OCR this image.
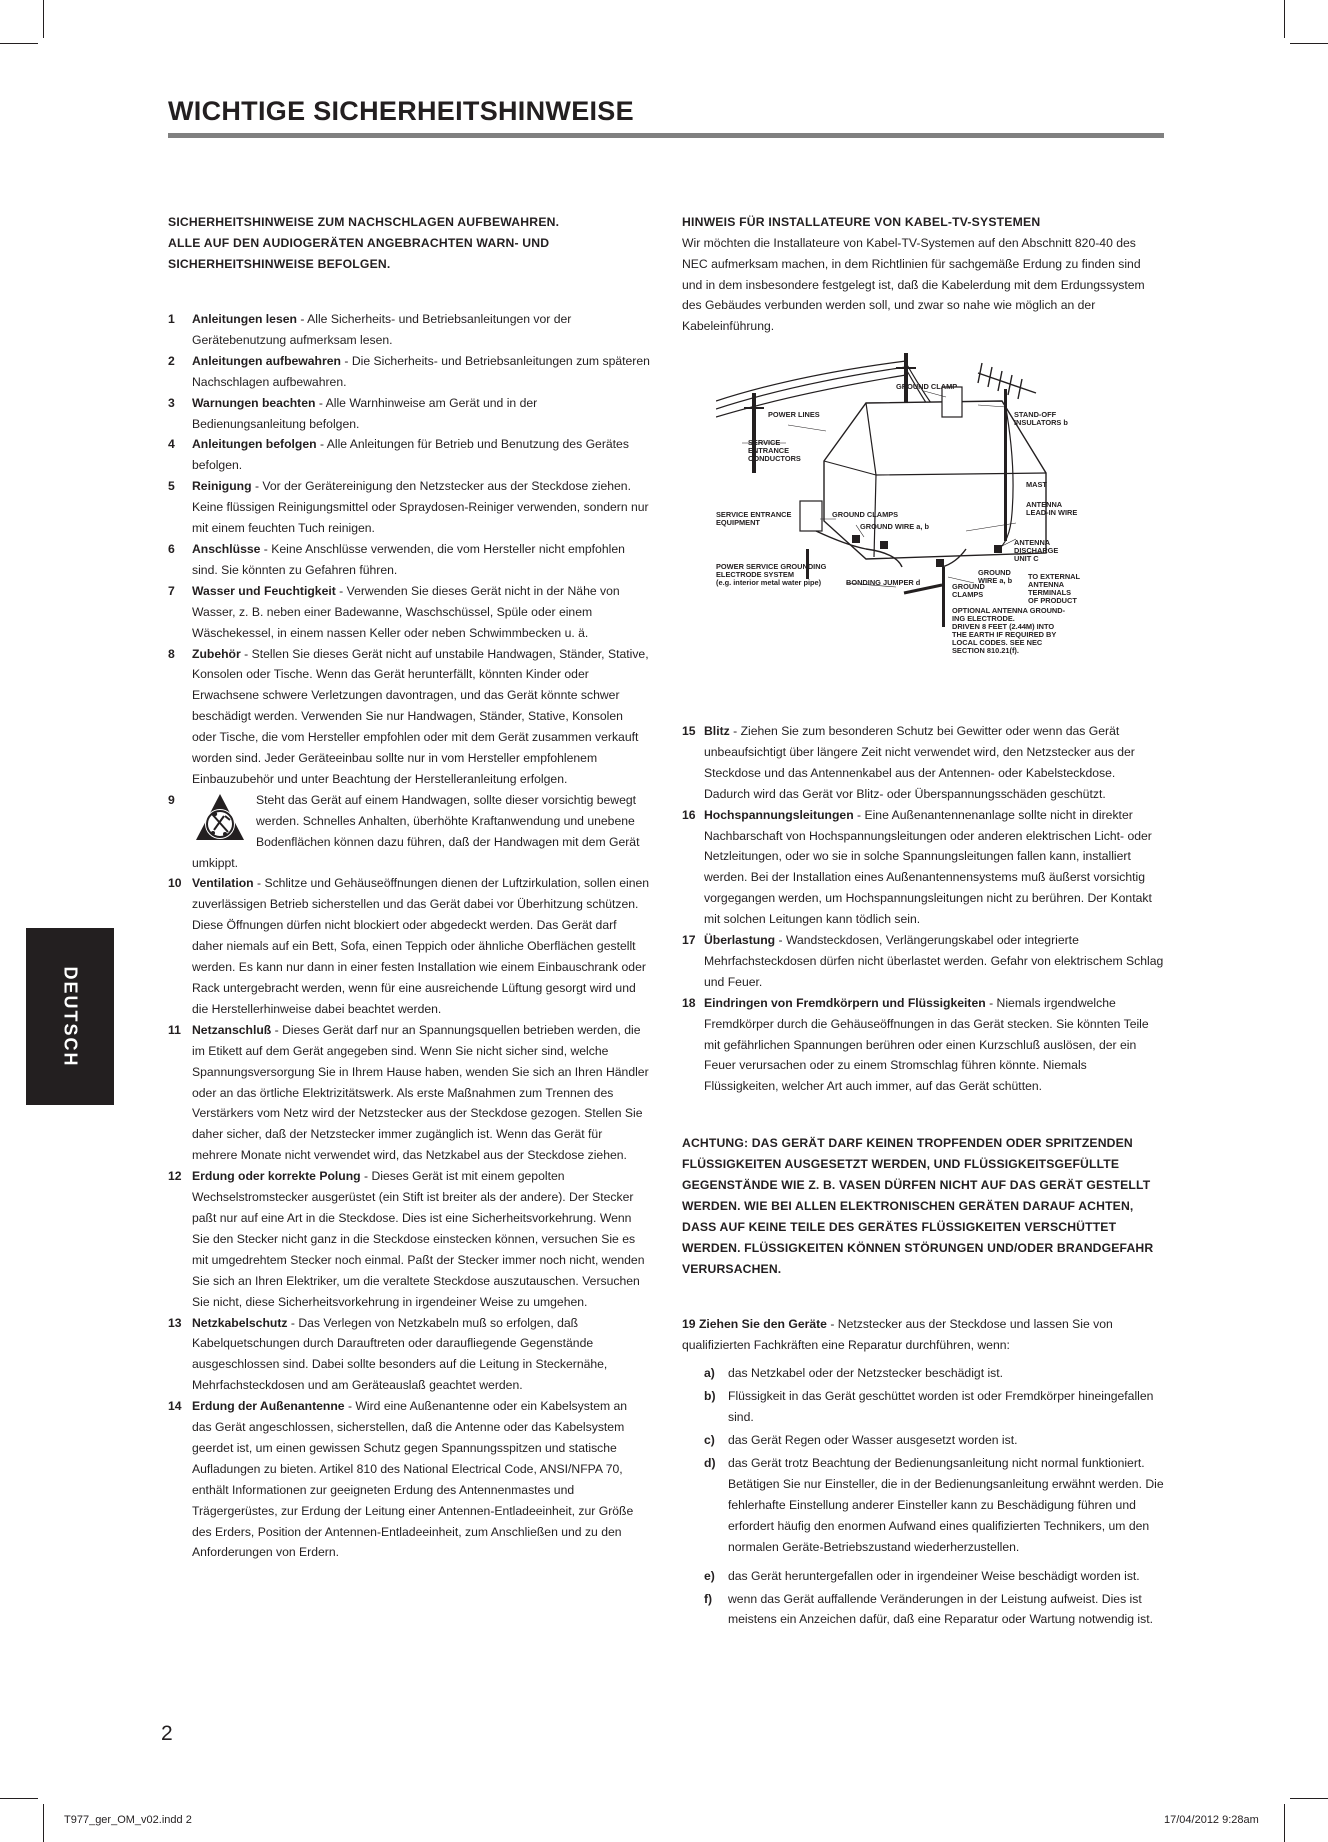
WICHTIGE SICHERHEITSHINWEISE
SICHERHEITSHINWEISE ZUM NACHSCHLAGEN AUFBEWAHREN.
ALLE AUF DEN AUDIOGERÄTEN ANGEBRACHTEN WARN- UND
SICHERHEITSHINWEISE BEFOLGEN.
1 Anleitungen lesen - Alle Sicherheits- und Betriebsanleitungen vor der Gerätebenutzung aufmerksam lesen.
2 Anleitungen aufbewahren - Die Sicherheits- und Betriebsanleitungen zum späteren Nachschlagen aufbewahren.
3 Warnungen beachten - Alle Warnhinweise am Gerät und in der Bedienungsanleitung befolgen.
4 Anleitungen befolgen - Alle Anleitungen für Betrieb und Benutzung des Gerätes befolgen.
5 Reinigung - Vor der Gerätereinigung den Netzstecker aus der Steckdose ziehen. Keine flüssigen Reinigungsmittel oder Spraydosen-Reiniger verwenden, sondern nur mit einem feuchten Tuch reinigen.
6 Anschlüsse - Keine Anschlüsse verwenden, die vom Hersteller nicht empfohlen sind. Sie könnten zu Gefahren führen.
7 Wasser und Feuchtigkeit - Verwenden Sie dieses Gerät nicht in der Nähe von Wasser, z. B. neben einer Badewanne, Waschschüssel, Spüle oder einem Wäschekessel, in einem nassen Keller oder neben Schwimmbecken u. ä.
8 Zubehör - Stellen Sie dieses Gerät nicht auf unstabile Handwagen, Ständer, Stative, Konsolen oder Tische. Wenn das Gerät herunterfällt, könnten Kinder oder Erwachsene schwere Verletzungen davontragen, und das Gerät könnte schwer beschädigt werden. Verwenden Sie nur Handwagen, Ständer, Stative, Konsolen oder Tische, die vom Hersteller empfohlen oder mit dem Gerät zusammen verkauft worden sind. Jeder Geräteeinbau sollte nur in vom Hersteller empfohlenem Einbauzubehör und unter Beachtung der Herstelleranleitung erfolgen.
9	Steht das Gerät auf einem Handwagen, sollte dieser vorsichtig bewegt werden. Schnelles Anhalten, überhöhte Kraftanwendung und unebene Bodenflächen können dazu führen, daß der Handwagen mit dem Gerät umkippt.
10 Ventilation - Schlitze und Gehäuseöffnungen dienen der Luftzirkulation, sollen einen zuverlässigen Betrieb sicherstellen und das Gerät dabei vor Überhitzung schützen. Diese Öffnungen dürfen nicht blockiert oder abgedeckt werden. Das Gerät darf daher niemals auf ein Bett, Sofa, einen Teppich oder ähnliche Oberflächen gestellt werden. Es kann nur dann in einer festen Installation wie einem Einbauschrank oder Rack untergebracht werden, wenn für eine ausreichende Lüftung gesorgt wird und die Herstellerhinweise dabei beachtet werden.
11 Netzanschluß - Dieses Gerät darf nur an Spannungsquellen betrieben werden, die im Etikett auf dem Gerät angegeben sind. Wenn Sie nicht sicher sind, welche Spannungsversorgung Sie in Ihrem Hause haben, wenden Sie sich an Ihren Händler oder an das örtliche Elektrizitätswerk. Als erste Maßnahmen zum Trennen des Verstärkers vom Netz wird der Netzstecker aus der Steckdose gezogen. Stellen Sie daher sicher, daß der Netzstecker immer zugänglich ist. Wenn das Gerät für mehrere Monate nicht verwendet wird, das Netzkabel aus der Steckdose ziehen.
12 Erdung oder korrekte Polung - Dieses Gerät ist mit einem gepolten Wechselstromstecker ausgerüstet (ein Stift ist breiter als der andere). Der Stecker paßt nur auf eine Art in die Steckdose. Dies ist eine Sicherheitsvorkehrung. Wenn Sie den Stecker nicht ganz in die Steckdose einstecken können, versuchen Sie es mit umgedrehtem Stecker noch einmal. Paßt der Stecker immer noch nicht, wenden Sie sich an Ihren Elektriker, um die veraltete Steckdose auszutauschen. Versuchen Sie nicht, diese Sicherheitsvorkehrung in irgendeiner Weise zu umgehen.
13 Netzkabelschutz - Das Verlegen von Netzkabeln muß so erfolgen, daß Kabelquetschungen durch Darauftreten oder daraufliegende Gegenstände ausgeschlossen sind. Dabei sollte besonders auf die Leitung in Steckernähe, Mehrfachsteckdosen und am Geräteauslaß geachtet werden.
14 Erdung der Außenantenne - Wird eine Außenantenne oder ein Kabelsystem an das Gerät angeschlossen, sicherstellen, daß die Antenne oder das Kabelsystem geerdet ist, um einen gewissen Schutz gegen Spannungsspitzen und statische Aufladungen zu bieten. Artikel 810 des National Electrical Code, ANSI/NFPA 70, enthält Informationen zur geeigneten Erdung des Antennenmastes und Trägergerüstes, zur Erdung der Leitung einer Antennen-Entladeeinheit, zur Größe des Erders, Position der Antennen-Entladeeinheit, zum Anschließen und zu den Anforderungen von Erdern.
HINWEIS FÜR INSTALLATEURE VON KABEL-TV-SYSTEMEN
Wir möchten die Installateure von Kabel-TV-Systemen auf den Abschnitt 820-40 des NEC aufmerksam machen, in dem Richtlinien für sachgemäße Erdung zu finden sind und in dem insbesondere festgelegt ist, daß die Kabelerdung mit dem Erdungssystem des Gebäudes verbunden werden soll, und zwar so nahe wie möglich an der Kabeleinführung.
GROUND CLAMP
POWER LINES	STAND-OFF
INSULATORS b
SERVICE
ENTRANCE
CONDUCTORS
MAST
ANTENNA
LEAD-IN WIRE
SERVICE ENTRANCE
EQUIPMENT
GROUND CLAMPS
GROUND WIRE a, b
ANTENNA
DISCHARGE
UNIT C
POWER SERVICE GROUNDING
ELECTRODE SYSTEM
(e.g. interior metal water pipe)	BONDING JUMPER d
GROUND
WIRE a, b TO EXTERNAL
ANTENNA
TERMINALS
OF PRODUCT
GROUND
CLAMPS
OPTIONAL ANTENNA GROUND-
ING ELECTRODE.
DRIVEN 8 FEET (2.44M) INTO
THE EARTH IF REQUIRED BY
LOCAL CODES. SEE NEC
SECTION 810.21(f).
15 Blitz - Ziehen Sie zum besonderen Schutz bei Gewitter oder wenn das Gerät unbeaufsichtigt über längere Zeit nicht verwendet wird, den Netzstecker aus der Steckdose und das Antennenkabel aus der Antennen- oder Kabelsteckdose. Dadurch wird das Gerät vor Blitz- oder Überspannungsschäden geschützt.
16 Hochspannungsleitungen - Eine Außenantennenanlage sollte nicht in direkter Nachbarschaft von Hochspannungsleitungen oder anderen elektrischen Licht- oder Netzleitungen, oder wo sie in solche Spannungsleitungen fallen kann, installiert werden. Bei der Installation eines Außenantennensystems muß äußerst vorsichtig vorgegangen werden, um Hochspannungsleitungen nicht zu berühren. Der Kontakt mit solchen Leitungen kann tödlich sein.
17 Überlastung - Wandsteckdosen, Verlängerungskabel oder integrierte Mehrfachsteckdosen dürfen nicht überlastet werden. Gefahr von elektrischem Schlag und Feuer.
18 Eindringen von Fremdkörpern und Flüssigkeiten - Niemals irgendwelche Fremdkörper durch die Gehäuseöffnungen in das Gerät stecken. Sie könnten Teile mit gefährlichen Spannungen berühren oder einen Kurzschluß auslösen, der ein Feuer verursachen oder zu einem Stromschlag führen könnte. Niemals Flüssigkeiten, welcher Art auch immer, auf das Gerät schütten.
ACHTUNG: DAS GERÄT DARF KEINEN TROPFENDEN ODER SPRITZENDEN FLÜSSIGKEITEN AUSGESETZT WERDEN, UND FLÜSSIGKEITSGEFÜLLTE GEGENSTÄNDE WIE Z. B. VASEN DÜRFEN NICHT AUF DAS GERÄT GESTELLT WERDEN. WIE BEI ALLEN ELEKTRONISCHEN GERÄTEN DARAUF ACHTEN, DASS AUF KEINE TEILE DES GERÄTES FLÜSSIGKEITEN VERSCHÜTTET WERDEN. FLÜSSIGKEITEN KÖNNEN STÖRUNGEN UND/ODER BRANDGEFAHR VERURSACHEN.
19 Ziehen Sie den Geräte - Netzstecker aus der Steckdose und lassen Sie von qualifizierten Fachkräften eine Reparatur durchführen, wenn:
a) das Netzkabel oder der Netzstecker beschädigt ist.
b) Flüssigkeit in das Gerät geschüttet worden ist oder Fremdkörper hineingefallen sind.
c) das Gerät Regen oder Wasser ausgesetzt worden ist.
d) das Gerät trotz Beachtung der Bedienungsanleitung nicht normal funktioniert. Betätigen Sie nur Einsteller, die in der Bedienungsanleitung erwähnt werden. Die fehlerhafte Einstellung anderer Einsteller kann zu Beschädigung führen und erfordert häufig den enormen Aufwand eines qualifizierten Technikers, um den normalen Geräte-Betriebszustand wiederherzustellen.
e) das Gerät heruntergefallen oder in irgendeiner Weise beschädigt worden ist.
f) wenn das Gerät auffallende Veränderungen in der Leistung aufweist. Dies ist meistens ein Anzeichen dafür, daß eine Reparatur oder Wartung notwendig ist.
DEUTSCH
2
T977_ger_OM_v02.indd 2	17/04/2012 9:28am
